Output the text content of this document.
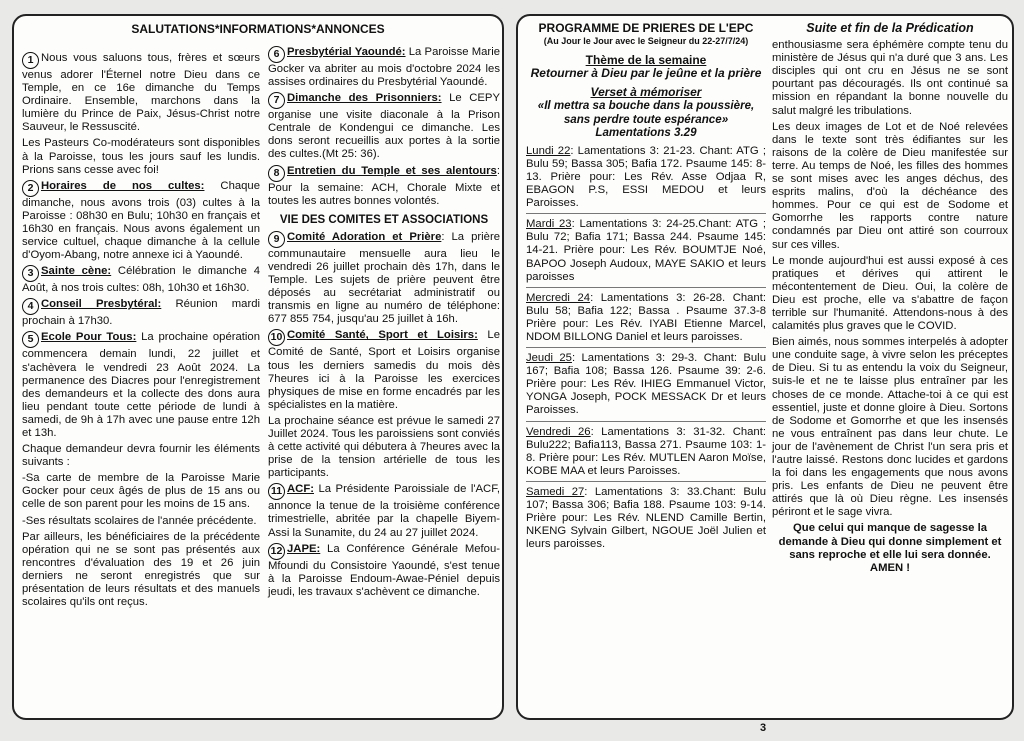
SALUTATIONS*INFORMATIONS*ANNONCES

1 Nous vous saluons tous, frères et sœurs venus adorer l'Éternel notre Dieu dans ce Temple, en ce 16e dimanche du Temps Ordinaire. Ensemble, marchons dans la lumière du Prince de Paix, Jésus-Christ notre Sauveur, le Ressuscité.

Les Pasteurs Co-modérateurs sont disponibles à la Paroisse, tous les jours sauf les lundis. Prions sans cesse avec foi!

2 Horaires de nos cultes: Chaque dimanche, nous avons trois (03) cultes à la Paroisse : 08h30 en Bulu; 10h30 en français et 16h30 en français. Nous avons également un service cultuel, chaque dimanche à la cellule d'Oyom-Abang, notre annexe ici à Yaoundé.

3 Sainte cène: Célébration le dimanche 4 Août, à nos trois cultes: 08h, 10h30 et 16h30.

4 Conseil Presbytéral: Réunion mardi prochain à 17h30.

5 Ecole Pour Tous: La prochaine opération commencera demain lundi, 22 juillet et s'achèvera le vendredi 23 Août 2024. La permanence des Diacres pour l'enregistrement des demandeurs et la collecte des dons aura lieu pendant toute cette période de lundi à samedi, de 9h à 17h avec une pause entre 12h et 13h.

Chaque demandeur devra fournir les éléments suivants :

-Sa carte de membre de la Paroisse Marie Gocker pour ceux âgés de plus de 15 ans ou celle de son parent pour les moins de 15 ans.

-Ses résultats scolaires de l'année précédente.

Par ailleurs, les bénéficiaires de la précédente opération qui ne se sont pas présentés aux rencontres d'évaluation des 19 et 26 juin derniers ne seront enregistrés que sur présentation de leurs résultats et des manuels scolaires qu'ils ont reçus.

6 Presbytérial Yaoundé: La Paroisse Marie Gocker va abriter au mois d'octobre 2024 les assises ordinaires du Presbytérial Yaoundé.

7 Dimanche des Prisonniers: Le CEPY organise une visite diaconale à la Prison Centrale de Kondengui ce dimanche. Les dons seront recueillis aux portes à la sortie des cultes.(Mt 25: 36).

8 Entretien du Temple et ses alentours: Pour la semaine: ACH, Chorale Mixte et toutes les autres bonnes volontés.

VIE DES COMITES ET ASSOCIATIONS

9 Comité Adoration et Prière: La prière communautaire mensuelle aura lieu le vendredi 26 juillet prochain dès 17h, dans le Temple. Les sujets de prière peuvent être déposés au secrétariat administratif ou transmis en ligne au numéro de téléphone: 677 855 754, jusqu'au 25 juillet à 16h.

10 Comité Santé, Sport et Loisirs: Le Comité de Santé, Sport et Loisirs organise tous les derniers samedis du mois dès 7heures ici à la Paroisse les exercices physiques de mise en forme encadrés par les spécialistes en la matière.

La prochaine séance est prévue le samedi 27 Juillet 2024. Tous les paroissiens sont conviés à cette activité qui débutera à 7heures avec la prise de la tension artérielle de tous les participants.

11 ACF: La Présidente Paroissiale de l'ACF, annonce la tenue de la troisième conférence trimestrielle, abritée par la chapelle Biyem-Assi la Sunamite, du 24 au 27 juillet 2024.

12 JAPE: La Conférence Générale Mefou-Mfoundi du Consistoire Yaoundé, s'est tenue à la Paroisse Endoum-Awae-Péniel depuis jeudi, les travaux s'achèvent ce dimanche.

PROGRAMME DE PRIERES DE L'EPC
(Au Jour le Jour avec le Seigneur du 22-27/7/24)
Thème de la semaine
Retourner à Dieu par le jeûne et la prière
Verset à mémoriser
«Il mettra sa bouche dans la poussière, sans perdre toute espérance» Lamentations 3.29
Lundi 22: Lamentations 3: 21-23. Chant: ATG ; Bulu 59; Bassa 305; Bafia 172. Psaume 145: 8-13. Prière pour: Les Rév. Asse Odjaa R, EBAGON P.S, ESSI MEDOU et leurs Paroisses.
Mardi 23: Lamentations 3: 24-25.Chant: ATG ; Bulu 72; Bafia 171; Bassa 244. Psaume 145: 14-21. Prière pour: Les Rév. BOUMTJE Noé, BAPOO Joseph Audoux, MAYE SAKIO et leurs paroisses
Mercredi 24: Lamentations 3: 26-28. Chant: Bulu 58; Bafia 122; Bassa . Psaume 37.3-8 Prière pour: Les Rév. IYABI Etienne Marcel, NDOM BILLONG Daniel et leurs paroisses.
Jeudi 25: Lamentations 3: 29-3. Chant: Bulu 167; Bafia 108; Bassa 126. Psaume 39: 2-6. Prière pour: Les Rév. IHIEG Emmanuel Victor, YONGA Joseph, POCK MESSACK Dr et leurs Paroisses.
Vendredi 26: Lamentations 3: 31-32. Chant: Bulu222; Bafia113, Bassa 271. Psaume 103: 1-8. Prière pour: Les Rév. MUTLEN Aaron Moïse, KOBE MAA et leurs Paroisses.
Samedi 27: Lamentations 3: 33.Chant: Bulu 107; Bassa 306; Bafia 188. Psaume 103: 9-14. Prière pour: Les Rév. NLEND Camille Bertin, NKENG Sylvain Gilbert, NGOUE Joël Julien et leurs paroisses.
Suite et fin de la Prédication

enthousiasme sera éphémère compte tenu du ministère de Jésus qui n'a duré que 3 ans. Les disciples qui ont cru en Jésus ne se sont pourtant pas découragés. Ils ont continué sa mission en répandant la bonne nouvelle du salut malgré les tribulations.

Les deux images de Lot et de Noé relevées dans le texte sont très édifiantes sur les raisons de la colère de Dieu manifestée sur terre. Au temps de Noé, les filles des hommes se sont mises avec les anges déchus, des esprits malins, d'où la déchéance des hommes. Pour ce qui est de Sodome et Gomorrhe les rapports contre nature condamnés par Dieu ont attiré son courroux sur ces villes.

Le monde aujourd'hui est aussi exposé à ces pratiques et dérives qui attirent le mécontentement de Dieu. Oui, la colère de Dieu est proche, elle va s'abattre de façon terrible sur l'humanité. Attendons-nous à des calamités plus graves que le COVID.

Bien aimés, nous sommes interpelés à adopter une conduite sage, à vivre selon les préceptes de Dieu. Si tu as entendu la voix du Seigneur, suis-le et ne te laisse plus entraîner par les choses de ce monde. Attache-toi à ce qui est essentiel, juste et donne gloire à Dieu. Sortons de Sodome et Gomorrhe et que les insensés ne vous entraînent pas dans leur chute. Le jour de l'avènement de Christ l'un sera pris et l'autre laissé. Restons donc lucides et gardons la foi dans les engagements que nous avons pris. Les enfants de Dieu ne peuvent être attirés que là où Dieu règne. Les insensés périront et le sage vivra.

Que celui qui manque de sagesse la demande à Dieu qui donne simplement et sans reproche et elle lui sera donnée. AMEN !

3
